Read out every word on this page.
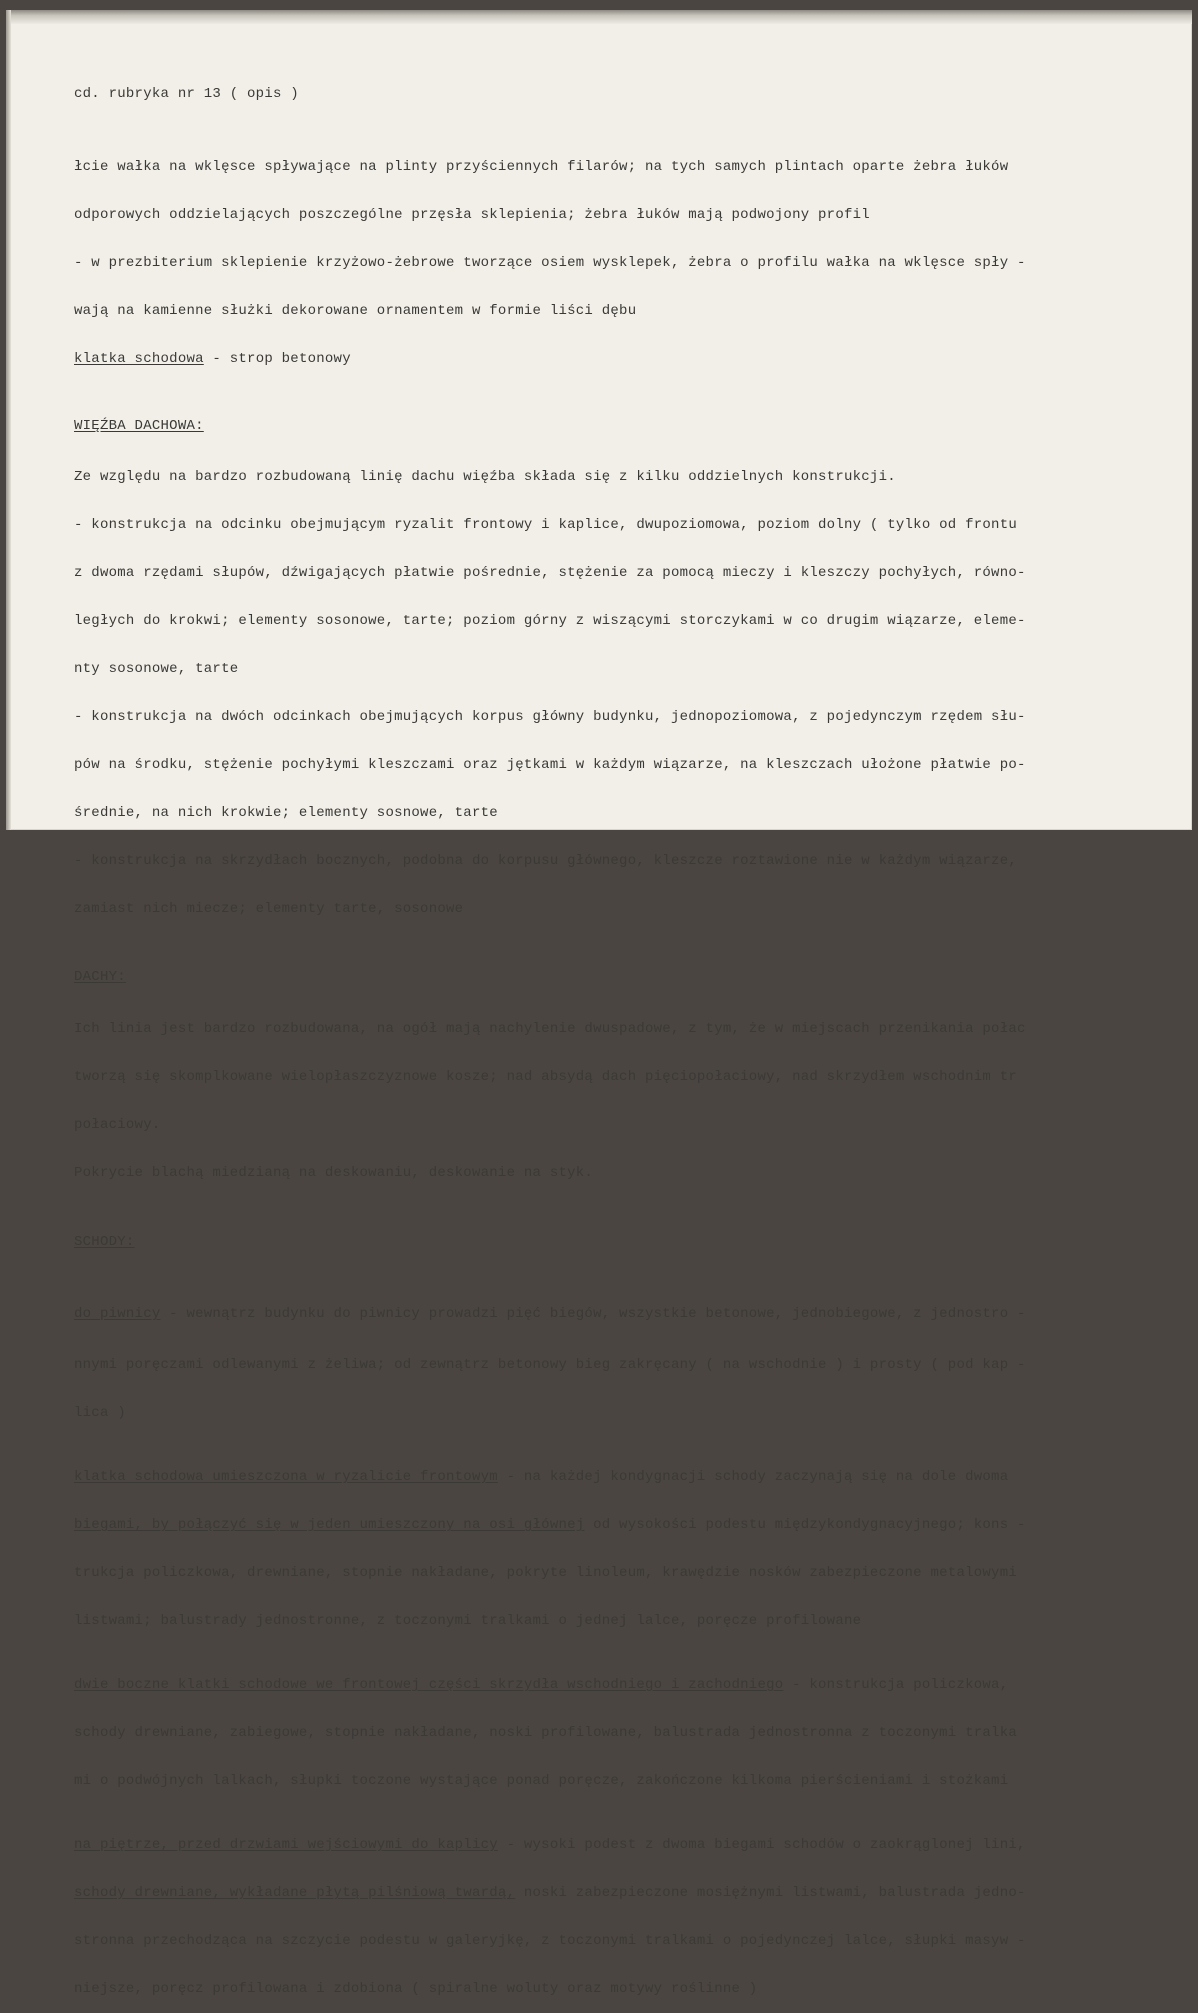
cd. rubryka nr 13 ( opis )

łcie wałka na wklęsce spływające na plinty przyściennych filarów; na tych samych plintach oparte żebra łuków

odporowych oddzielających poszczególne przęsła sklepienia; żebra łuków mają podwojony profil

- w prezbiterium sklepienie krzyżowo-żebrowe tworzące osiem wysklepek, żebra o profilu wałka na wklęsce spły -

wają na kamienne służki dekorowane ornamentem w formie liści dębu

klatka schodowa - strop betonowy

WIĘŹBA DACHOWA:

Ze względu na bardzo rozbudowaną linię dachu więźba składa się z kilku oddzielnych konstrukcji.

- konstrukcja na odcinku obejmującym ryzalit frontowy i kaplice, dwupoziomowa, poziom dolny ( tylko od frontu

z dwoma rzędami słupów, dźwigających płatwie pośrednie, stężenie za pomocą mieczy i kleszczy pochyłych, równo-

ległych do krokwi; elementy sosonowe, tarte; poziom górny z wiszącymi storczykami w co drugim wiązarze, eleme-

nty sosonowe, tarte

- konstrukcja na dwóch odcinkach obejmujących korpus główny budynku, jednopoziomowa, z pojedynczym rzędem słu-

pów na środku, stężenie pochyłymi kleszczami oraz jętkami w każdym wiązarze, na kleszczach ułożone płatwie po-

średnie, na nich krokwie; elementy sosnowe, tarte

- konstrukcja na skrzydłach bocznych, podobna do korpusu głównego, kleszcze roztawione nie w każdym wiązarze,

zamiast nich miecze; elementy tarte, sosonowe

DACHY:

Ich linia jest bardzo rozbudowana, na ogół mają nachylenie dwuspadowe, z tym, że w miejscach przenikania połac

tworzą się skomplkowane wielopłaszczyznowe kosze; nad absydą dach pięciopołaciowy, nad skrzydłem wschodnim tr

połaciowy.

Pokrycie blachą miedzianą na deskowaniu, deskowanie na styk.

SCHODY:

do piwnicy - wewnątrz budynku do piwnicy prowadzi pięć biegów, wszystkie betonowe, jednobiegowe, z jednostro -

nnymi poręczami odlewanymi z żeliwa; od zewnątrz betonowy bieg zakręcany ( na wschodnie ) i prosty ( pod kap -

lica )

klatka schodowa umieszczona w ryzalicie frontowym - na każdej kondygnacji schody zaczynają się na dole dwoma

biegami, by połączyć się w jeden umieszczony na osi głównej od wysokości podestu międzykondygnacyjnego; kons -

trukcja policzkowa, drewniane, stopnie nakładane, pokryte linoleum, krawędzie nosków zabezpieczone metalowymi

listwami; balustrady jednostronne, z toczonymi tralkami o jednej lalce, poręcze profilowane

dwie boczne klatki schodowe we frontowej części skrzydła wschodniego i zachodniego - konstrukcja policzkowa,

schody drewniane, zabiegowe, stopnie nakładane, noski profilowane, balustrada jednostronna z toczonymi tralka

mi o podwójnych lalkach, słupki toczone wystające ponad poręcze, zakończone kilkoma pierścieniami i stożkami

na piętrze, przed drzwiami wejściowymi do kaplicy - wysoki podest z dwoma biegami schodów o zaokrąglonej lini,

schody drewniane, wykładane płytą pilśniową twardą, noski zabezpieczone mosiężnymi listwami, balustrada jedno-

stronna przechodząca na szczycie podestu w galeryjkę, z toczonymi tralkami o pojedynczej lalce, słupki masyw -

niejsze, poręcz profilowana i zdobiona ( spiralne woluty oraz motywy roślinne )
